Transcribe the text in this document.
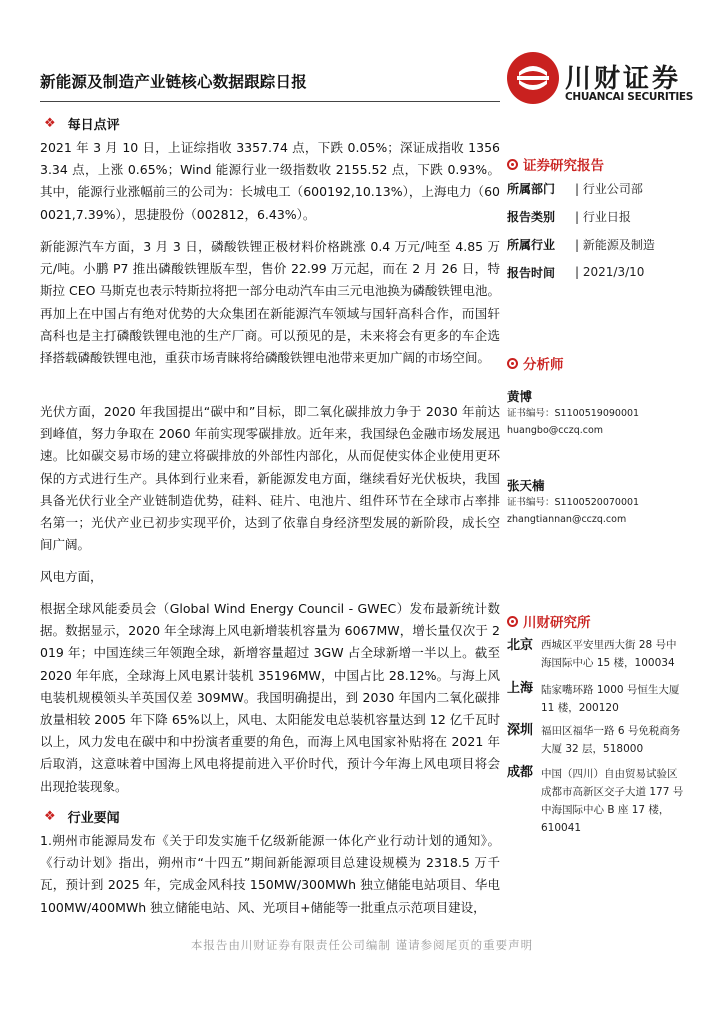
新能源及制造产业链核心数据跟踪日报	川财证券
CHUANCAI SECURITIES
❖ 每日点评

2021 年 3 月 10 日，上证综指收 3357.74 点，下跌 0.05%；深证成指收 13563.34 点，上涨 0.65%；Wind 能源行业一级指数收 2155.52 点，下跌 0.93%。其中，能源行业涨幅前三的公司为：长城电工（600192,10.13%），上海电力（600021,7.39%），思捷股份（002812，6.43%）。

新能源汽车方面，3 月 3 日，磷酸铁锂正极材料价格跳涨 0.4 万元/吨至 4.85 万元/吨。小鹏 P7 推出磷酸铁锂版车型，售价 22.99 万元起，而在 2 月 26 日，特斯拉 CEO 马斯克也表示特斯拉将把一部分电动汽车由三元电池换为磷酸铁锂电池。再加上在中国占有绝对优势的大众集团在新能源汽车领域与国轩高科合作，而国轩高科也是主打磷酸铁锂电池的生产厂商。可以预见的是，未来将会有更多的车企选择搭载磷酸铁锂电池，重获市场青睐将给磷酸铁锂电池带来更加广阔的市场空间。

光伏方面，2020 年我国提出“碳中和”目标，即二氧化碳排放力争于 2030 年前达到峰值，努力争取在 2060 年前实现零碳排放。近年来，我国绿色金融市场发展迅速。比如碳交易市场的建立将碳排放的外部性内部化，从而促使实体企业使用更环保的方式进行生产。具体到行业来看，新能源发电方面，继续看好光伏板块，我国具备光伏行业全产业链制造优势，硅料、硅片、电池片、组件环节在全球市占率排名第一；光伏产业已初步实现平价，达到了依靠自身经济型发展的新阶段，成长空间广阔。

风电方面，

根据全球风能委员会（Global Wind Energy Council - GWEC）发布最新统计数据。数据显示，2020 年全球海上风电新增装机容量为 6067MW，增长量仅次于 2019 年；中国连续三年领跑全球，新增容量超过 3GW 占全球新增一半以上。截至 2020 年年底，全球海上风电累计装机 35196MW，中国占比 28.12%。与海上风电装机规模领头羊英国仅差 309MW。我国明确提出，到 2030 年国内二氧化碳排放量相较 2005 年下降 65%以上，风电、太阳能发电总装机容量达到 12 亿千瓦时以上，风力发电在碳中和中扮演者重要的角色，而海上风电国家补贴将在 2021 年后取消，这意味着中国海上风电将提前进入平价时代，预计今年海上风电项目将会出现抢装现象。

❖ 行业要闻

1.朔州市能源局发布《关于印发实施千亿级新能源一体化产业行动计划的通知》。《行动计划》指出，朔州市“十四五”期间新能源项目总建设规模为 2318.5 万千瓦，预计到 2025 年，完成金风科技 150MW/300MWh 独立储能电站项目、华电 100MW/400MWh 独立储能电站、风、光项目+储能等一批重点示范项目建设，

证券研究报告
所属部门	| 行业公司部
报告类别	| 行业日报
所属行业	| 新能源及制造
报告时间	| 2021/3/10
分析师
黄博
证书编号：S1100519090001
huangbo@cczq.com
张天楠
证书编号：S1100520070001
zhangtiannan@cczq.com
川财研究所
北京 西城区平安里西大街 28 号中海国际中心 15 楼，100034
上海 陆家嘴环路 1000 号恒生大厦 11 楼，200120
深圳 福田区福华一路 6 号免税商务大厦 32 层，518000
成都 中国（四川）自由贸易试验区成都市高新区交子大道 177 号中海国际中心 B 座 17 楼，610041
本报告由川财证券有限责任公司编制 谨请参阅尾页的重要声明
